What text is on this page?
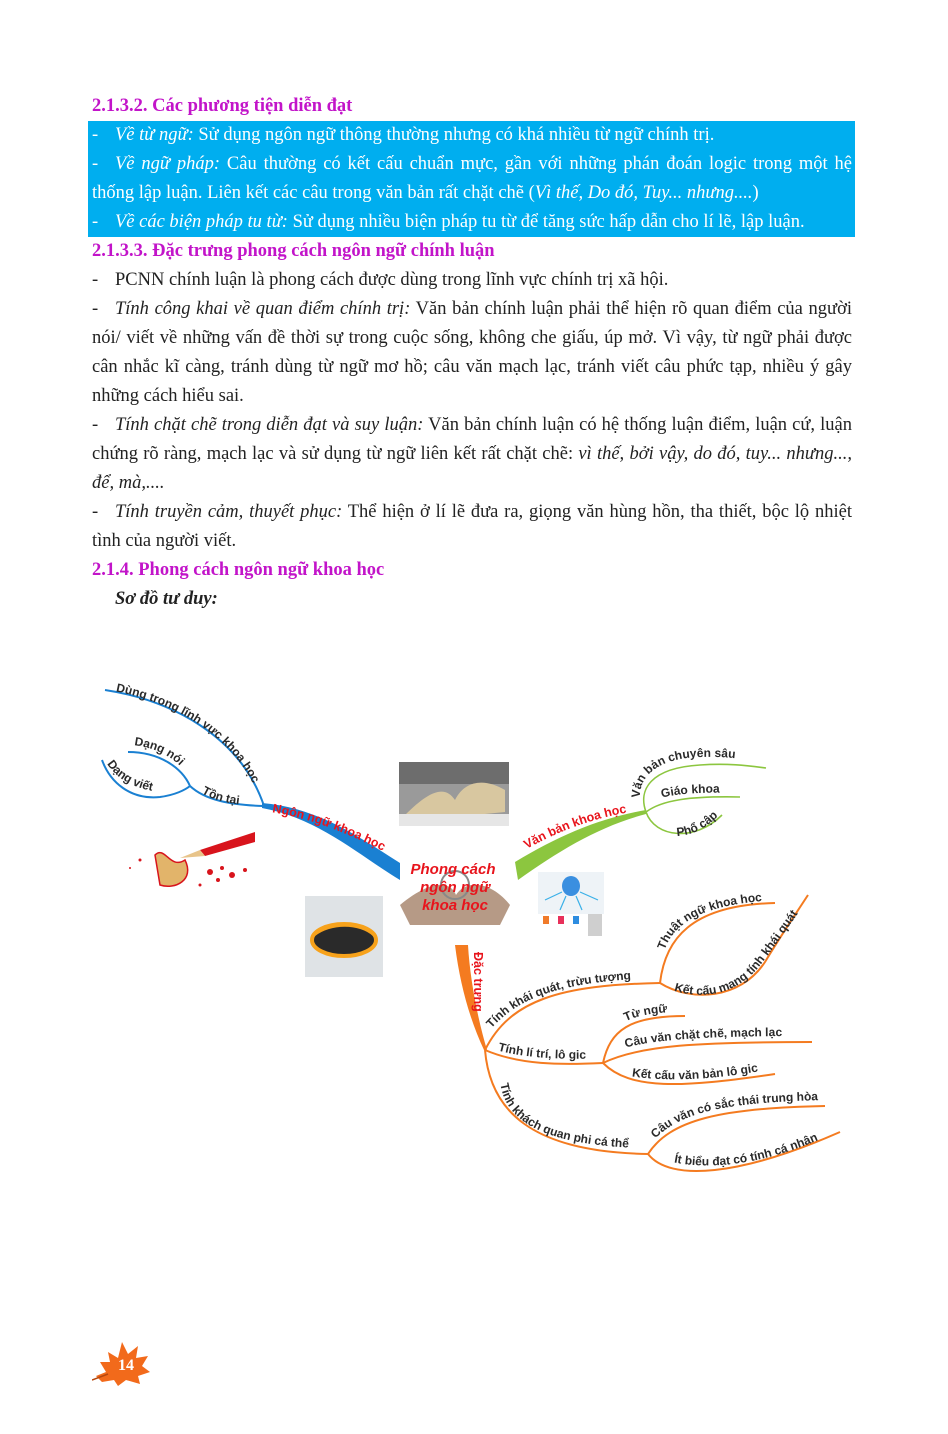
2.1.3.2. Các phương tiện diễn đạt
- Về từ ngữ: Sử dụng ngôn ngữ thông thường nhưng có khá nhiều từ ngữ chính trị.
- Về ngữ pháp: Câu thường có kết cấu chuẩn mực, gần với những phán đoán logic trong một hệ thống lập luận. Liên kết các câu trong văn bản rất chặt chẽ (Vì thế, Do đó, Tuy... nhưng....)
- Về các biện pháp tu từ: Sử dụng nhiều biện pháp tu từ để tăng sức hấp dẫn cho lí lẽ, lập luận.
2.1.3.3. Đặc trưng phong cách ngôn ngữ chính luận
- PCNN chính luận là phong cách được dùng trong lĩnh vực chính trị xã hội.
- Tính công khai về quan điểm chính trị: Văn bản chính luận phải thể hiện rõ quan điểm của người nói/ viết về những vấn đề thời sự trong cuộc sống, không che giấu, úp mở. Vì vậy, từ ngữ phải được cân nhắc kĩ càng, tránh dùng từ ngữ mơ hồ; câu văn mạch lạc, tránh viết câu phức tạp, nhiều ý gây những cách hiểu sai.
- Tính chặt chẽ trong diễn đạt và suy luận: Văn bản chính luận có hệ thống luận điểm, luận cứ, luận chứng rõ ràng, mạch lạc và sử dụng từ ngữ liên kết rất chặt chẽ: vì thế, bởi vậy, do đó, tuy... nhưng..., để, mà,....
- Tính truyền cảm, thuyết phục: Thể hiện ở lí lẽ đưa ra, giọng văn hùng hồn, tha thiết, bộc lộ nhiệt tình của người viết.
2.1.4. Phong cách ngôn ngữ khoa học
Sơ đồ tư duy:
Dùng trong lĩnh vực khoa học
Dạng nói
Dạng viết	Tồn tại
Ngôn ngữ khoa học	Văn bản khoa học
Văn bản chuyên sâu
Giáo khoa
Phổ cập
Đặc trưng
Tính khái quát, trừu tượng
Thuật ngữ khoa học
Kết cấu mang tính khái quát
Tính lí trí, lô gic
Từ ngữ
Câu văn chặt chẽ, mạch lạc
Kết cấu văn bản lô gic
Tính khách quan phi cá thể
Câu văn có sắc thái trung hòa
Ít biểu đạt có tính cá nhân
Phong cách
ngôn ngữ
khoa học
14
